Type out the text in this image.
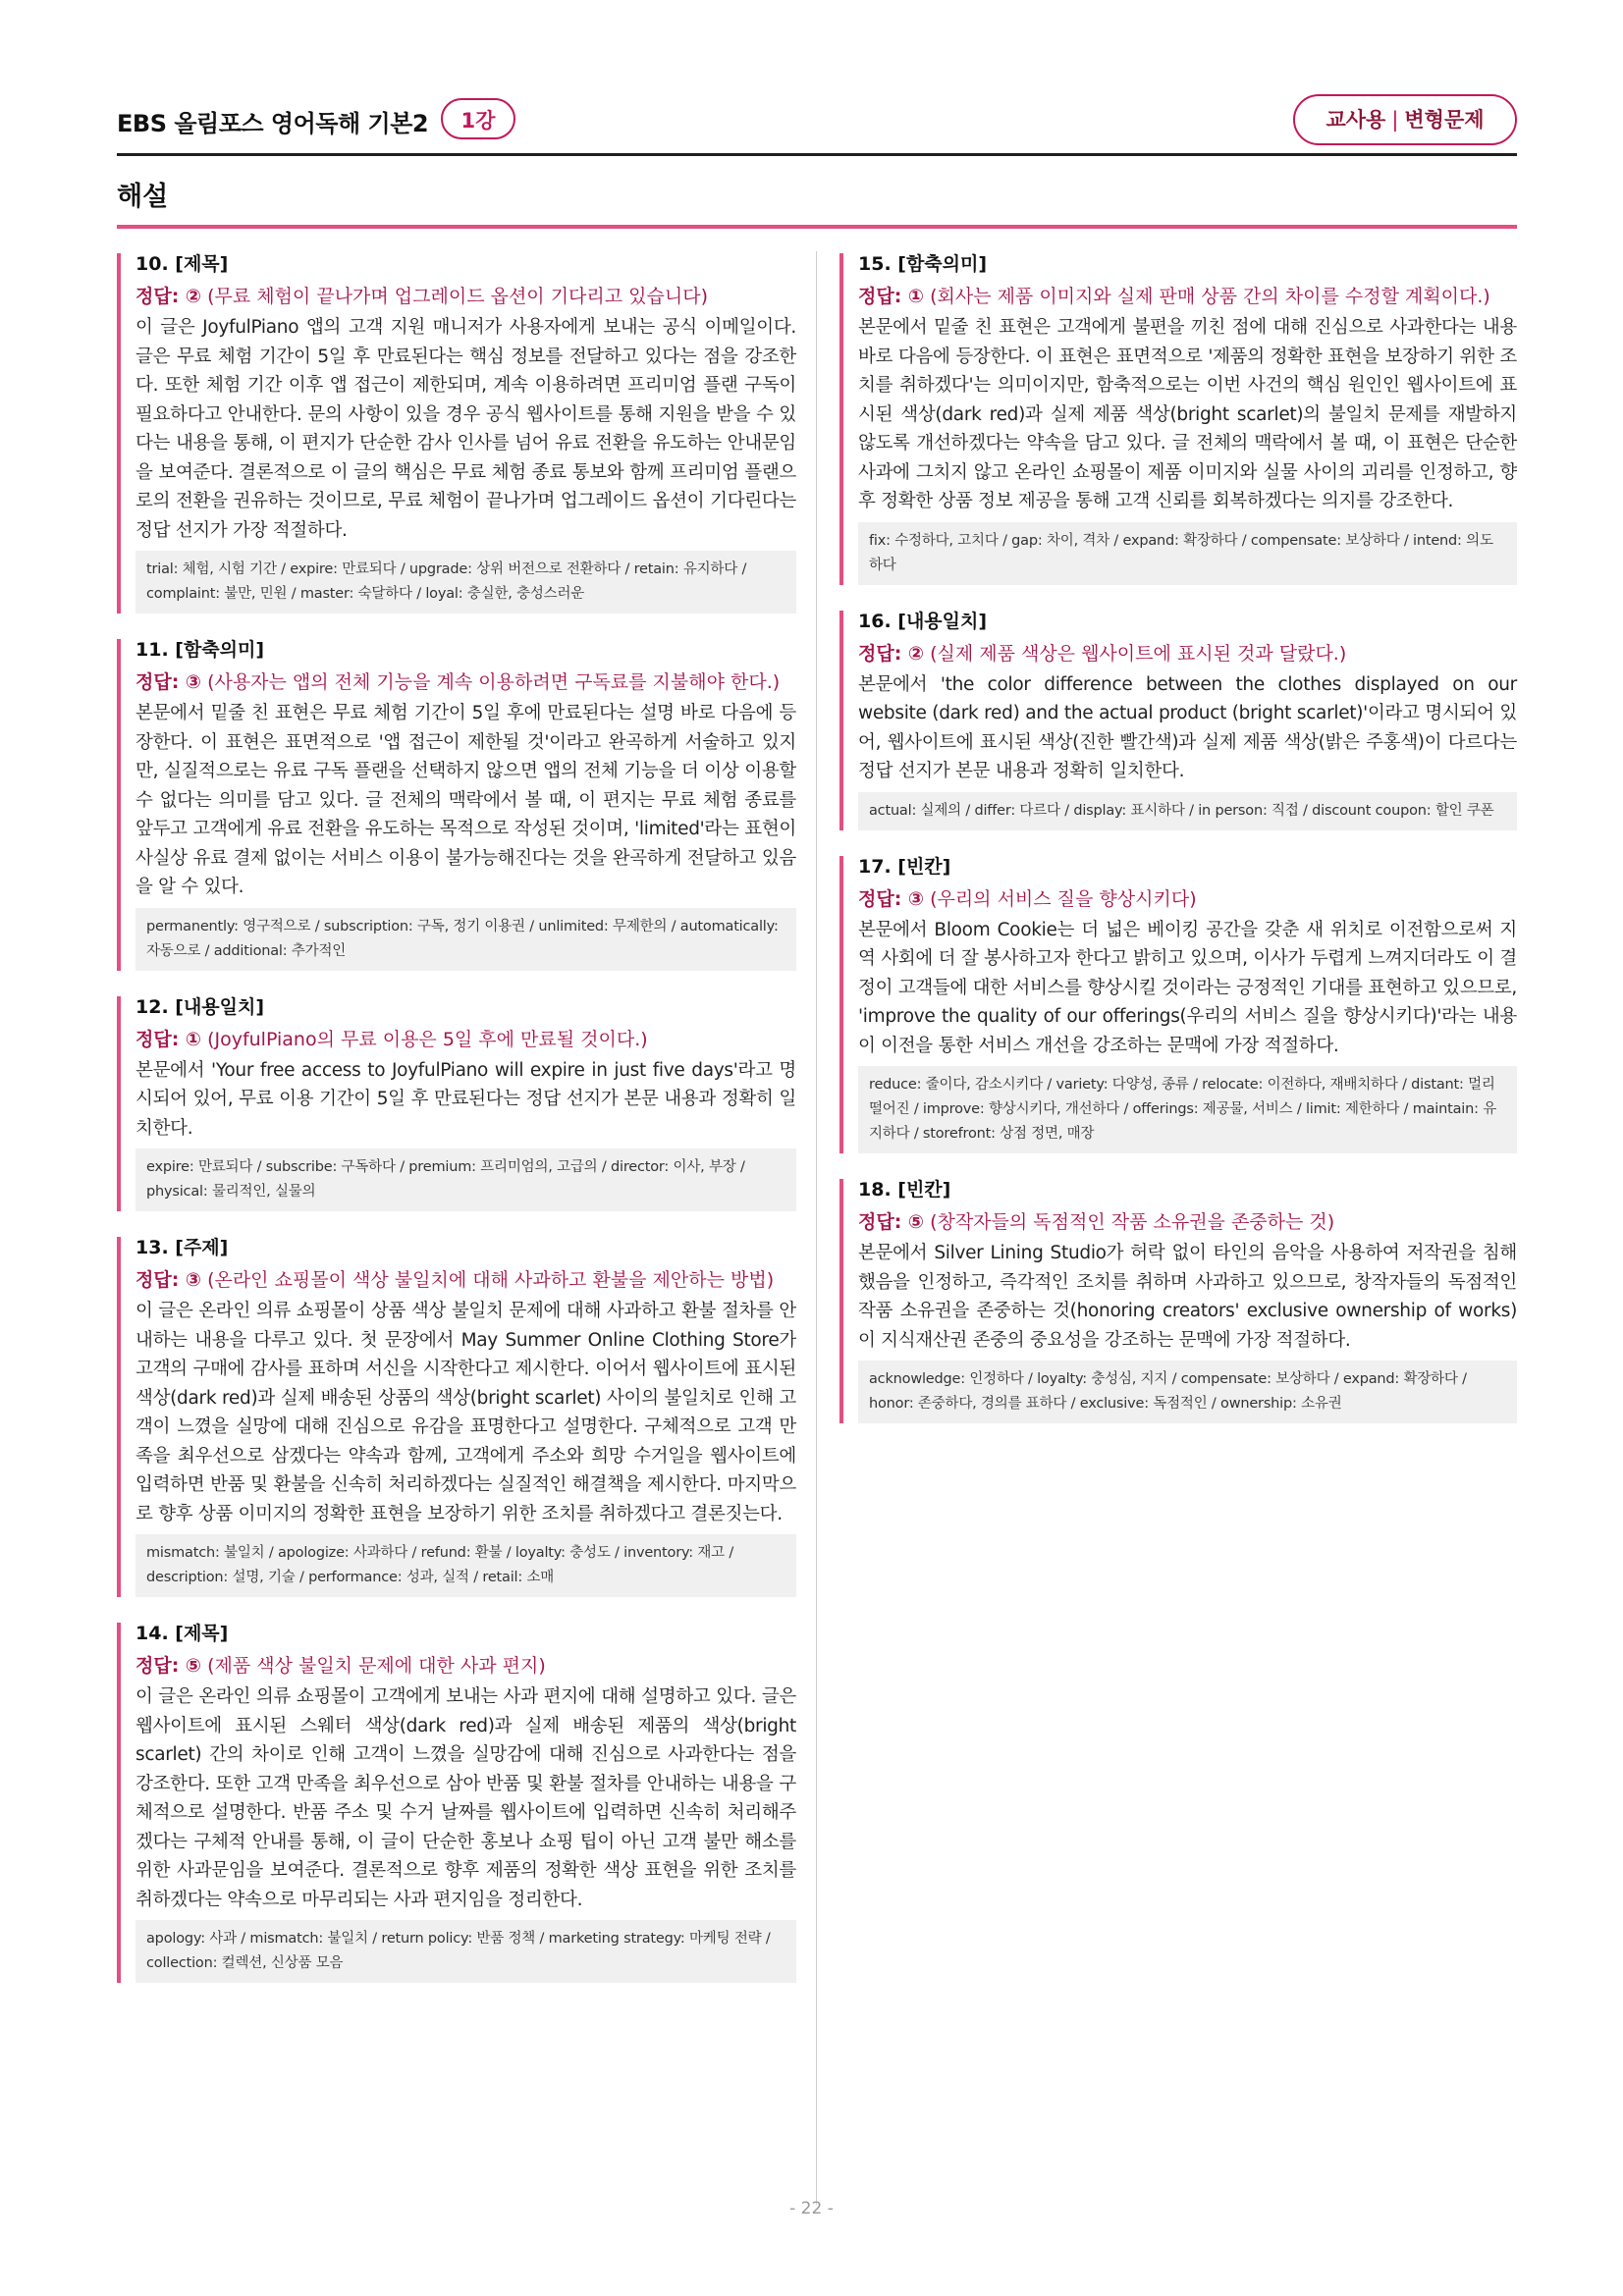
EBS 올림포스 영어독해 기본2	1강	교사용 | 변형문제
해설
10. [제목]
정답: ② (무료 체험이 끝나가며 업그레이드 옵션이 기다리고 있습니다)
이 글은 JoyfulPiano 앱의 고객 지원 매니저가 사용자에게 보내는 공식 이메일이다. 글은 무료 체험 기간이 5일 후 만료된다는 핵심 정보를 전달하고 있다는 점을 강조한다. 또한 체험 기간 이후 앱 접근이 제한되며, 계속 이용하려면 프리미엄 플랜 구독이 필요하다고 안내한다. 문의 사항이 있을 경우 공식 웹사이트를 통해 지원을 받을 수 있다는 내용을 통해, 이 편지가 단순한 감사 인사를 넘어 유료 전환을 유도하는 안내문임을 보여준다. 결론적으로 이 글의 핵심은 무료 체험 종료 통보와 함께 프리미엄 플랜으로의 전환을 권유하는 것이므로, 무료 체험이 끝나가며 업그레이드 옵션이 기다린다는 정답 선지가 가장 적절하다.
trial: 체험, 시험 기간 / expire: 만료되다 / upgrade: 상위 버전으로 전환하다 / retain: 유지하다 / complaint: 불만, 민원 / master: 숙달하다 / loyal: 충실한, 충성스러운
11. [함축의미]
정답: ③ (사용자는 앱의 전체 기능을 계속 이용하려면 구독료를 지불해야 한다.)
본문에서 밑줄 친 표현은 무료 체험 기간이 5일 후에 만료된다는 설명 바로 다음에 등장한다. 이 표현은 표면적으로 '앱 접근이 제한될 것'이라고 완곡하게 서술하고 있지만, 실질적으로는 유료 구독 플랜을 선택하지 않으면 앱의 전체 기능을 더 이상 이용할 수 없다는 의미를 담고 있다. 글 전체의 맥락에서 볼 때, 이 편지는 무료 체험 종료를 앞두고 고객에게 유료 전환을 유도하는 목적으로 작성된 것이며, 'limited'라는 표현이 사실상 유료 결제 없이는 서비스 이용이 불가능해진다는 것을 완곡하게 전달하고 있음을 알 수 있다.
permanently: 영구적으로 / subscription: 구독, 정기 이용권 / unlimited: 무제한의 / automatically: 자동으로 / additional: 추가적인
12. [내용일치]
정답: ① (JoyfulPiano의 무료 이용은 5일 후에 만료될 것이다.)
본문에서 'Your free access to JoyfulPiano will expire in just five days'라고 명시되어 있어, 무료 이용 기간이 5일 후 만료된다는 정답 선지가 본문 내용과 정확히 일치한다.
expire: 만료되다 / subscribe: 구독하다 / premium: 프리미엄의, 고급의 / director: 이사, 부장 / physical: 물리적인, 실물의
13. [주제]
정답: ③ (온라인 쇼핑몰이 색상 불일치에 대해 사과하고 환불을 제안하는 방법)
이 글은 온라인 의류 쇼핑몰이 상품 색상 불일치 문제에 대해 사과하고 환불 절차를 안내하는 내용을 다루고 있다. 첫 문장에서 May Summer Online Clothing Store가 고객의 구매에 감사를 표하며 서신을 시작한다고 제시한다. 이어서 웹사이트에 표시된 색상(dark red)과 실제 배송된 상품의 색상(bright scarlet) 사이의 불일치로 인해 고객이 느꼈을 실망에 대해 진심으로 유감을 표명한다고 설명한다. 구체적으로 고객 만족을 최우선으로 삼겠다는 약속과 함께, 고객에게 주소와 희망 수거일을 웹사이트에 입력하면 반품 및 환불을 신속히 처리하겠다는 실질적인 해결책을 제시한다. 마지막으로 향후 상품 이미지의 정확한 표현을 보장하기 위한 조치를 취하겠다고 결론짓는다.
mismatch: 불일치 / apologize: 사과하다 / refund: 환불 / loyalty: 충성도 / inventory: 재고 / description: 설명, 기술 / performance: 성과, 실적 / retail: 소매
14. [제목]
정답: ⑤ (제품 색상 불일치 문제에 대한 사과 편지)
이 글은 온라인 의류 쇼핑몰이 고객에게 보내는 사과 편지에 대해 설명하고 있다. 글은 웹사이트에 표시된 스웨터 색상(dark red)과 실제 배송된 제품의 색상(bright scarlet) 간의 차이로 인해 고객이 느꼈을 실망감에 대해 진심으로 사과한다는 점을 강조한다. 또한 고객 만족을 최우선으로 삼아 반품 및 환불 절차를 안내하는 내용을 구체적으로 설명한다. 반품 주소 및 수거 날짜를 웹사이트에 입력하면 신속히 처리해주겠다는 구체적 안내를 통해, 이 글이 단순한 홍보나 쇼핑 팁이 아닌 고객 불만 해소를 위한 사과문임을 보여준다. 결론적으로 향후 제품의 정확한 색상 표현을 위한 조치를 취하겠다는 약속으로 마무리되는 사과 편지임을 정리한다.
apology: 사과 / mismatch: 불일치 / return policy: 반품 정책 / marketing strategy: 마케팅 전략 / collection: 컬렉션, 신상품 모음
15. [함축의미]
정답: ① (회사는 제품 이미지와 실제 판매 상품 간의 차이를 수정할 계획이다.)
본문에서 밑줄 친 표현은 고객에게 불편을 끼친 점에 대해 진심으로 사과한다는 내용 바로 다음에 등장한다. 이 표현은 표면적으로 '제품의 정확한 표현을 보장하기 위한 조치를 취하겠다'는 의미이지만, 함축적으로는 이번 사건의 핵심 원인인 웹사이트에 표시된 색상(dark red)과 실제 제품 색상(bright scarlet)의 불일치 문제를 재발하지 않도록 개선하겠다는 약속을 담고 있다. 글 전체의 맥락에서 볼 때, 이 표현은 단순한 사과에 그치지 않고 온라인 쇼핑몰이 제품 이미지와 실물 사이의 괴리를 인정하고, 향후 정확한 상품 정보 제공을 통해 고객 신뢰를 회복하겠다는 의지를 강조한다.
fix: 수정하다, 고치다 / gap: 차이, 격차 / expand: 확장하다 / compensate: 보상하다 / intend: 의도하다
16. [내용일치]
정답: ② (실제 제품 색상은 웹사이트에 표시된 것과 달랐다.)
본문에서 'the color difference between the clothes displayed on our website (dark red) and the actual product (bright scarlet)'이라고 명시되어 있어, 웹사이트에 표시된 색상(진한 빨간색)과 실제 제품 색상(밝은 주홍색)이 다르다는 정답 선지가 본문 내용과 정확히 일치한다.
actual: 실제의 / differ: 다르다 / display: 표시하다 / in person: 직접 / discount coupon: 할인 쿠폰
17. [빈칸]
정답: ③ (우리의 서비스 질을 향상시키다)
본문에서 Bloom Cookie는 더 넓은 베이킹 공간을 갖춘 새 위치로 이전함으로써 지역 사회에 더 잘 봉사하고자 한다고 밝히고 있으며, 이사가 두렵게 느껴지더라도 이 결정이 고객들에 대한 서비스를 향상시킬 것이라는 긍정적인 기대를 표현하고 있으므로, 'improve the quality of our offerings(우리의 서비스 질을 향상시키다)'라는 내용이 이전을 통한 서비스 개선을 강조하는 문맥에 가장 적절하다.
reduce: 줄이다, 감소시키다 / variety: 다양성, 종류 / relocate: 이전하다, 재배치하다 / distant: 멀리 떨어진 / improve: 향상시키다, 개선하다 / offerings: 제공물, 서비스 / limit: 제한하다 / maintain: 유지하다 / storefront: 상점 정면, 매장
18. [빈칸]
정답: ⑤ (창작자들의 독점적인 작품 소유권을 존중하는 것)
본문에서 Silver Lining Studio가 허락 없이 타인의 음악을 사용하여 저작권을 침해했음을 인정하고, 즉각적인 조치를 취하며 사과하고 있으므로, 창작자들의 독점적인 작품 소유권을 존중하는 것(honoring creators' exclusive ownership of works)이 지식재산권 존중의 중요성을 강조하는 문맥에 가장 적절하다.
acknowledge: 인정하다 / loyalty: 충성심, 지지 / compensate: 보상하다 / expand: 확장하다 / honor: 존중하다, 경의를 표하다 / exclusive: 독점적인 / ownership: 소유권
- 22 -
